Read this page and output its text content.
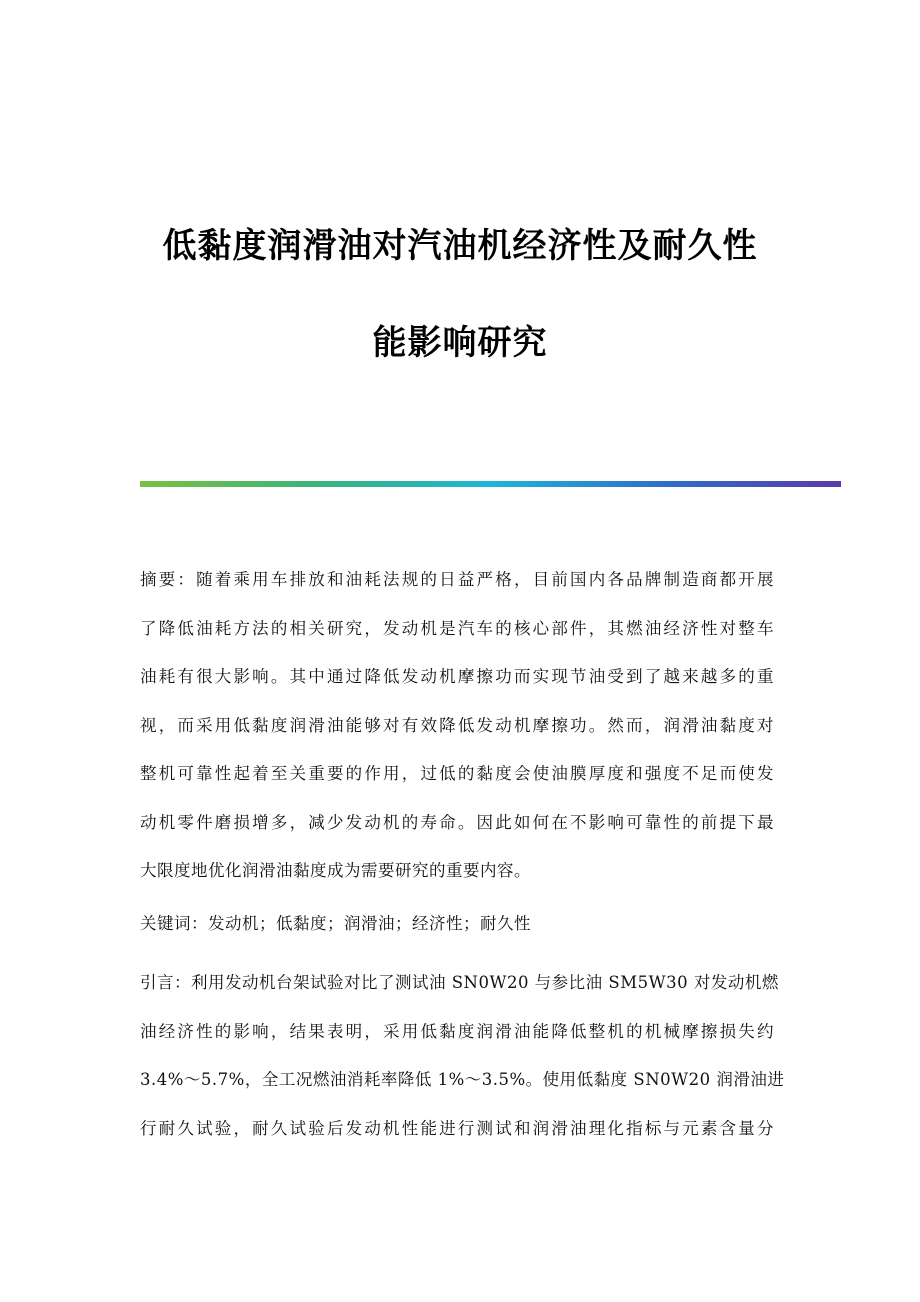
低黏度润滑油对汽油机经济性及耐久性
能影响研究
摘要：随着乘用车排放和油耗法规的日益严格，目前国内各品牌制造商都开展
了降低油耗方法的相关研究，发动机是汽车的核心部件，其燃油经济性对整车
油耗有很大影响。其中通过降低发动机摩擦功而实现节油受到了越来越多的重
视，而采用低黏度润滑油能够对有效降低发动机摩擦功。然而，润滑油黏度对
整机可靠性起着至关重要的作用，过低的黏度会使油膜厚度和强度不足而使发
动机零件磨损增多，减少发动机的寿命。因此如何在不影响可靠性的前提下最
大限度地优化润滑油黏度成为需要研究的重要内容。
关键词：发动机；低黏度；润滑油；经济性；耐久性
引言：利用发动机台架试验对比了测试油 SN0W20 与参比油 SM5W30 对发动机燃
油经济性的影响，结果表明，采用低黏度润滑油能降低整机的机械摩擦损失约
3.4%～5.7%，全工况燃油消耗率降低 1%～3.5%。使用低黏度 SN0W20 润滑油进
行耐久试验，耐久试验后发动机性能进行测试和润滑油理化指标与元素含量分
